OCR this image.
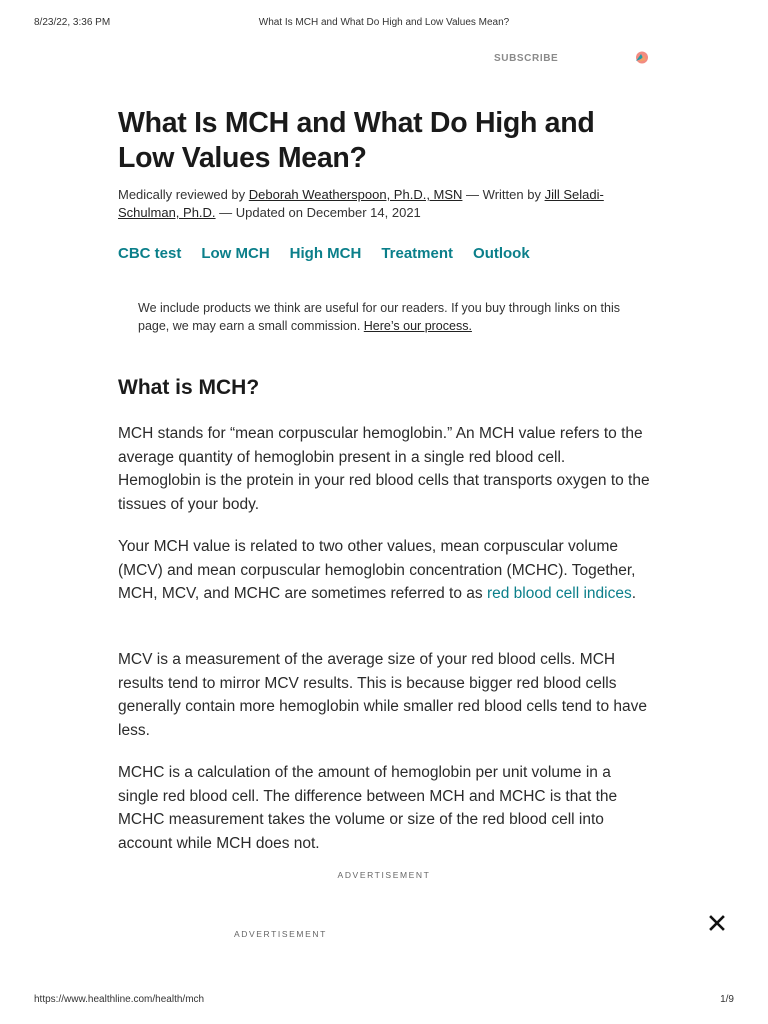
8/23/22, 3:36 PM	What Is MCH and What Do High and Low Values Mean?
SUBSCRIBE
What Is MCH and What Do High and Low Values Mean?
Medically reviewed by Deborah Weatherspoon, Ph.D., MSN — Written by Jill Seladi-Schulman, Ph.D. — Updated on December 14, 2021
CBC test Low MCH High MCH Treatment Outlook
We include products we think are useful for our readers. If you buy through links on this page, we may earn a small commission. Here’s our process.
What is MCH?

MCH stands for “mean corpuscular hemoglobin.” An MCH value refers to the average quantity of hemoglobin present in a single red blood cell. Hemoglobin is the protein in your red blood cells that transports oxygen to the tissues of your body.

Your MCH value is related to two other values, mean corpuscular volume (MCV) and mean corpuscular hemoglobin concentration (MCHC). Together, MCH, MCV, and MCHC are sometimes referred to as red blood cell indices.

MCV is a measurement of the average size of your red blood cells. MCH results tend to mirror MCV results. This is because bigger red blood cells generally contain more hemoglobin while smaller red blood cells tend to have less.

MCHC is a calculation of the amount of hemoglobin per unit volume in a single red blood cell. The difference between MCH and MCHC is that the MCHC measurement takes the volume or size of the red blood cell into account while MCH does not.

ADVERTISEMENT
ADVERTISEMENT
https://www.healthline.com/health/mch	1/9
